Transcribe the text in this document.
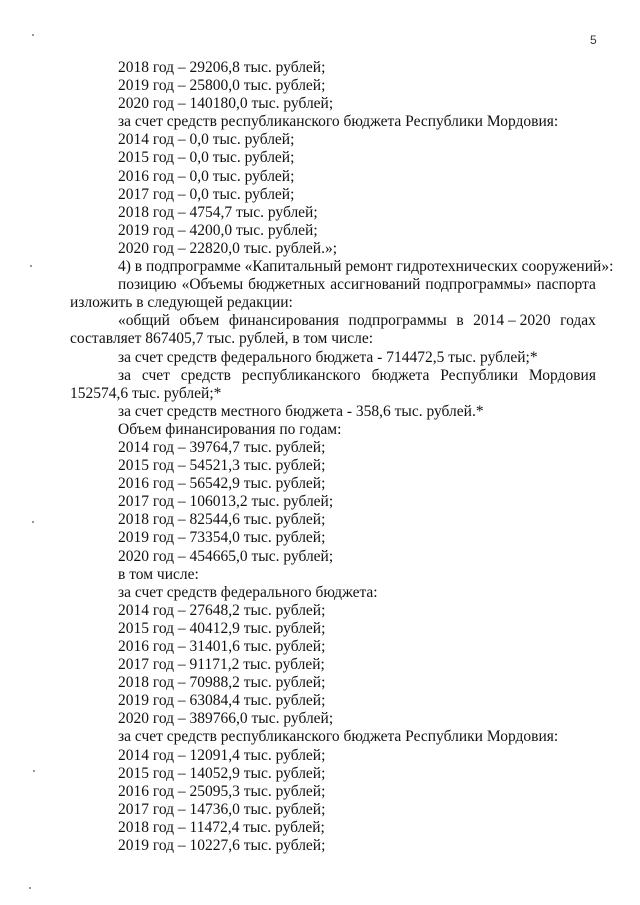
5
2018 год – 29206,8 тыс. рублей;
2019 год – 25800,0 тыс. рублей;
2020 год – 140180,0 тыс. рублей;
за счет средств республиканского бюджета Республики Мордовия:
2014 год – 0,0 тыс. рублей;
2015 год – 0,0 тыс. рублей;
2016 год – 0,0 тыс. рублей;
2017 год – 0,0 тыс. рублей;
2018 год – 4754,7 тыс. рублей;
2019 год – 4200,0 тыс. рублей;
2020 год – 22820,0 тыс. рублей.»;
4) в подпрограмме «Капитальный ремонт гидротехнических сооружений»:
позицию «Объемы бюджетных ассигнований подпрограммы» паспорта
изложить в следующей редакции:
«общий объем финансирования подпрограммы в 2014 – 2020 годах
составляет 867405,7 тыс. рублей, в том числе:
за счет средств федерального бюджета - 714472,5 тыс. рублей;*
за счет средств республиканского бюджета Республики Мордовия
152574,6 тыс. рублей;*
за счет средств местного бюджета - 358,6 тыс. рублей.*
Объем финансирования по годам:
2014 год – 39764,7 тыс. рублей;
2015 год – 54521,3 тыс. рублей;
2016 год – 56542,9 тыс. рублей;
2017 год – 106013,2 тыс. рублей;
2018 год – 82544,6 тыс. рублей;
2019 год – 73354,0 тыс. рублей;
2020 год – 454665,0 тыс. рублей;
в том числе:
за счет средств федерального бюджета:
2014 год – 27648,2 тыс. рублей;
2015 год – 40412,9 тыс. рублей;
2016 год – 31401,6 тыс. рублей;
2017 год – 91171,2 тыс. рублей;
2018 год – 70988,2 тыс. рублей;
2019 год – 63084,4 тыс. рублей;
2020 год – 389766,0 тыс. рублей;
за счет средств республиканского бюджета Республики Мордовия:
2014 год – 12091,4 тыс. рублей;
2015 год – 14052,9 тыс. рублей;
2016 год – 25095,3 тыс. рублей;
2017 год – 14736,0 тыс. рублей;
2018 год – 11472,4 тыс. рублей;
2019 год – 10227,6 тыс. рублей;
